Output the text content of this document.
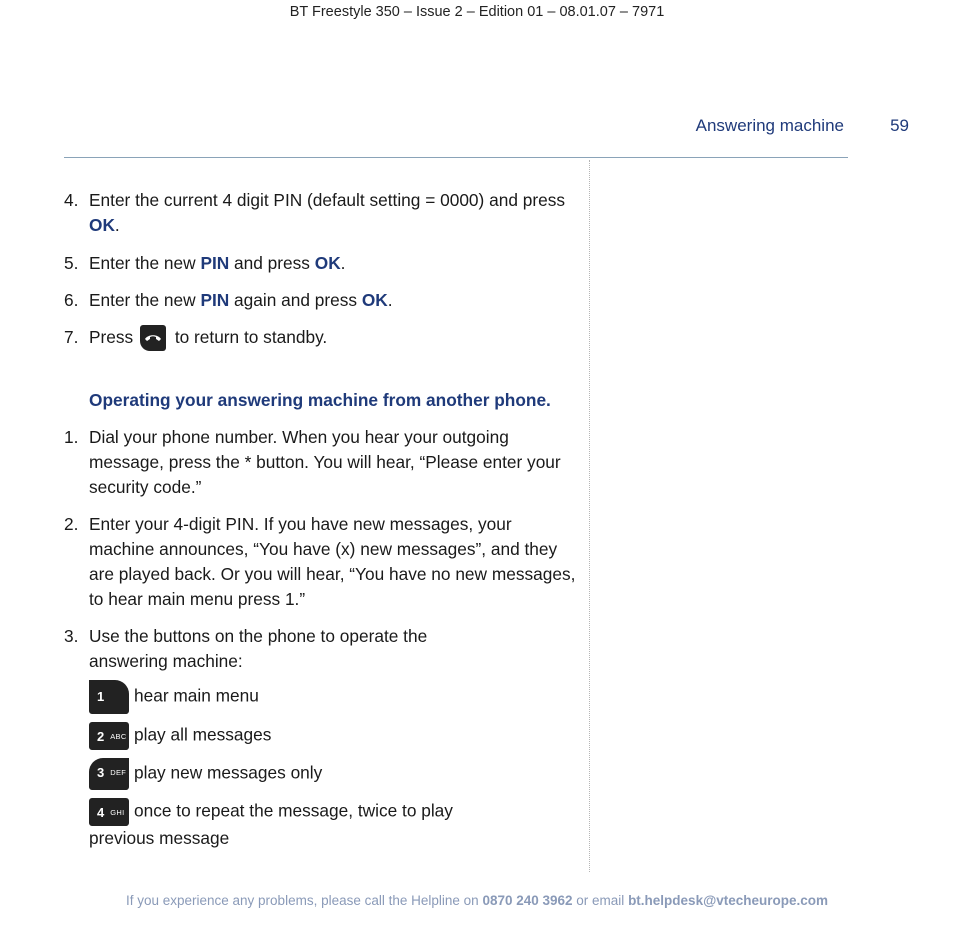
BT Freestyle 350 – Issue 2 – Edition 01 – 08.01.07 – 7971
Answering machine	59
4. Enter the current 4 digit PIN (default setting = 0000) and press OK.
5. Enter the new PIN and press OK.
6. Enter the new PIN again and press OK.
7. Press to return to standby.
Operating your answering machine from another phone.
1. Dial your phone number. When you hear your outgoing message, press the * button. You will hear, “Please enter your security code.”
2. Enter your 4-digit PIN. If you have new messages, your machine announces, “You have (x) new messages”, and they are played back. Or you will hear, “You have no new messages, to hear main menu press 1.”
3. Use the buttons on the phone to operate the answering machine:
1 hear main menu
2 ABC play all messages
3 DEF play new messages only
4 GHI once to repeat the message, twice to play previous message
If you experience any problems, please call the Helpline on 0870 240 3962 or email bt.helpdesk@vtecheurope.com
